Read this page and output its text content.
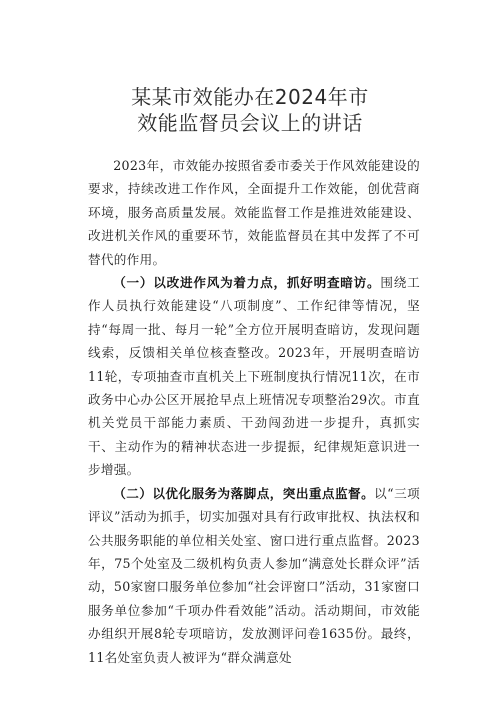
某某市效能办在2024年市
效能监督员会议上的讲话

2023年，市效能办按照省委市委关于作风效能建设的要求，持续改进工作作风，全面提升工作效能，创优营商环境，服务高质量发展。效能监督工作是推进效能建设、改进机关作风的重要环节，效能监督员在其中发挥了不可替代的作用。

（一）以改进作风为着力点，抓好明查暗访。围绕工作人员执行效能建设“八项制度”、工作纪律等情况，坚持“每周一批、每月一轮”全方位开展明查暗访，发现问题线索，反馈相关单位核查整改。2023年，开展明查暗访11轮，专项抽查市直机关上下班制度执行情况11次，在市政务中心办公区开展抢早点上班情况专项整治29次。市直机关党员干部能力素质、干劲闯劲进一步提升，真抓实干、主动作为的精神状态进一步提振，纪律规矩意识进一步增强。

（二）以优化服务为落脚点，突出重点监督。以“三项评议”活动为抓手，切实加强对具有行政审批权、执法权和公共服务职能的单位相关处室、窗口进行重点监督。2023年，75个处室及二级机构负责人参加“满意处长群众评”活动，50家窗口服务单位参加“社会评窗口”活动，31家窗口服务单位参加“千项办件看效能”活动。活动期间，市效能办组织开展8轮专项暗访，发放测评问卷1635份。最终，11名处室负责人被评为“群众满意处
